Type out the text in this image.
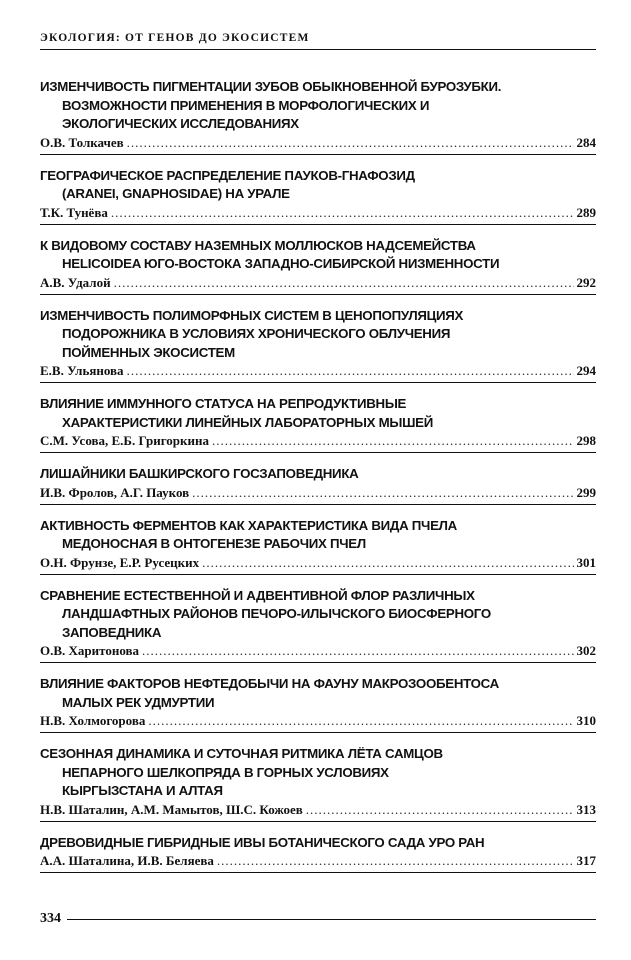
ЭКОЛОГИЯ: ОТ ГЕНОВ ДО ЭКОСИСТЕМ
ИЗМЕНЧИВОСТЬ ПИГМЕНТАЦИИ ЗУБОВ ОБЫКНОВЕННОЙ БУРОЗУБКИ.
ВОЗМОЖНОСТИ ПРИМЕНЕНИЯ В МОРФОЛОГИЧЕСКИХ И
ЭКОЛОГИЧЕСКИХ ИССЛЕДОВАНИЯХ
О.В. Толкачев .....	284
ГЕОГРАФИЧЕСКОЕ РАСПРЕДЕЛЕНИЕ ПАУКОВ-ГНАФОЗИД
(ARANEI, GNAPHOSIDAE) НА УРАЛЕ
Т.К. Тунёва .....	289
К ВИДОВОМУ СОСТАВУ НАЗЕМНЫХ МОЛЛЮСКОВ НАДСЕМЕЙСТВА
HELICOIDEA ЮГО-ВОСТОКА ЗАПАДНО-СИБИРСКОЙ НИЗМЕННОСТИ
А.В. Удалой .....	292
ИЗМЕНЧИВОСТЬ ПОЛИМОРФНЫХ СИСТЕМ В ЦЕНОПОПУЛЯЦИЯХ
ПОДОРОЖНИКА В УСЛОВИЯХ ХРОНИЧЕСКОГО ОБЛУЧЕНИЯ
ПОЙМЕННЫХ ЭКОСИСТЕМ
Е.В. Ульянова .....	294
ВЛИЯНИЕ ИММУННОГО СТАТУСА НА РЕПРОДУКТИВНЫЕ
ХАРАКТЕРИСТИКИ ЛИНЕЙНЫХ ЛАБОРАТОРНЫХ МЫШЕЙ
С.М. Усова, Е.Б. Григоркина .....	298
ЛИШАЙНИКИ БАШКИРСКОГО ГОСЗАПОВЕДНИКА
И.В. Фролов, А.Г. Пауков .....	299
АКТИВНОСТЬ ФЕРМЕНТОВ КАК ХАРАКТЕРИСТИКА ВИДА ПЧЕЛА
МЕДОНОСНАЯ В ОНТОГЕНЕЗЕ РАБОЧИХ ПЧЕЛ
О.Н. Фрунзе, Е.Р. Русецких .....	301
СРАВНЕНИЕ ЕСТЕСТВЕННОЙ И АДВЕНТИВНОЙ ФЛОР РАЗЛИЧНЫХ
ЛАНДШАФТНЫХ РАЙОНОВ ПЕЧОРО-ИЛЫЧСКОГО БИОСФЕРНОГО
ЗАПОВЕДНИКА
О.В. Харитонова .....	302
ВЛИЯНИЕ ФАКТОРОВ НЕФТЕДОБЫЧИ НА ФАУНУ МАКРОЗООБЕНТОСА
МАЛЫХ РЕК УДМУРТИИ
Н.В. Холмогорова .....	310
СЕЗОННАЯ ДИНАМИКА И СУТОЧНАЯ РИТМИКА ЛЁТА САМЦОВ
НЕПАРНОГО ШЕЛКОПРЯДА В ГОРНЫХ УСЛОВИЯХ
КЫРГЫЗСТАНА И АЛТАЯ
Н.В. Шаталин, А.М. Мамытов, Ш.С. Кожоев .....	313
ДРЕВОВИДНЫЕ ГИБРИДНЫЕ ИВЫ БОТАНИЧЕСКОГО САДА УРО РАН
А.А. Шаталина, И.В. Беляева .....	317
334
